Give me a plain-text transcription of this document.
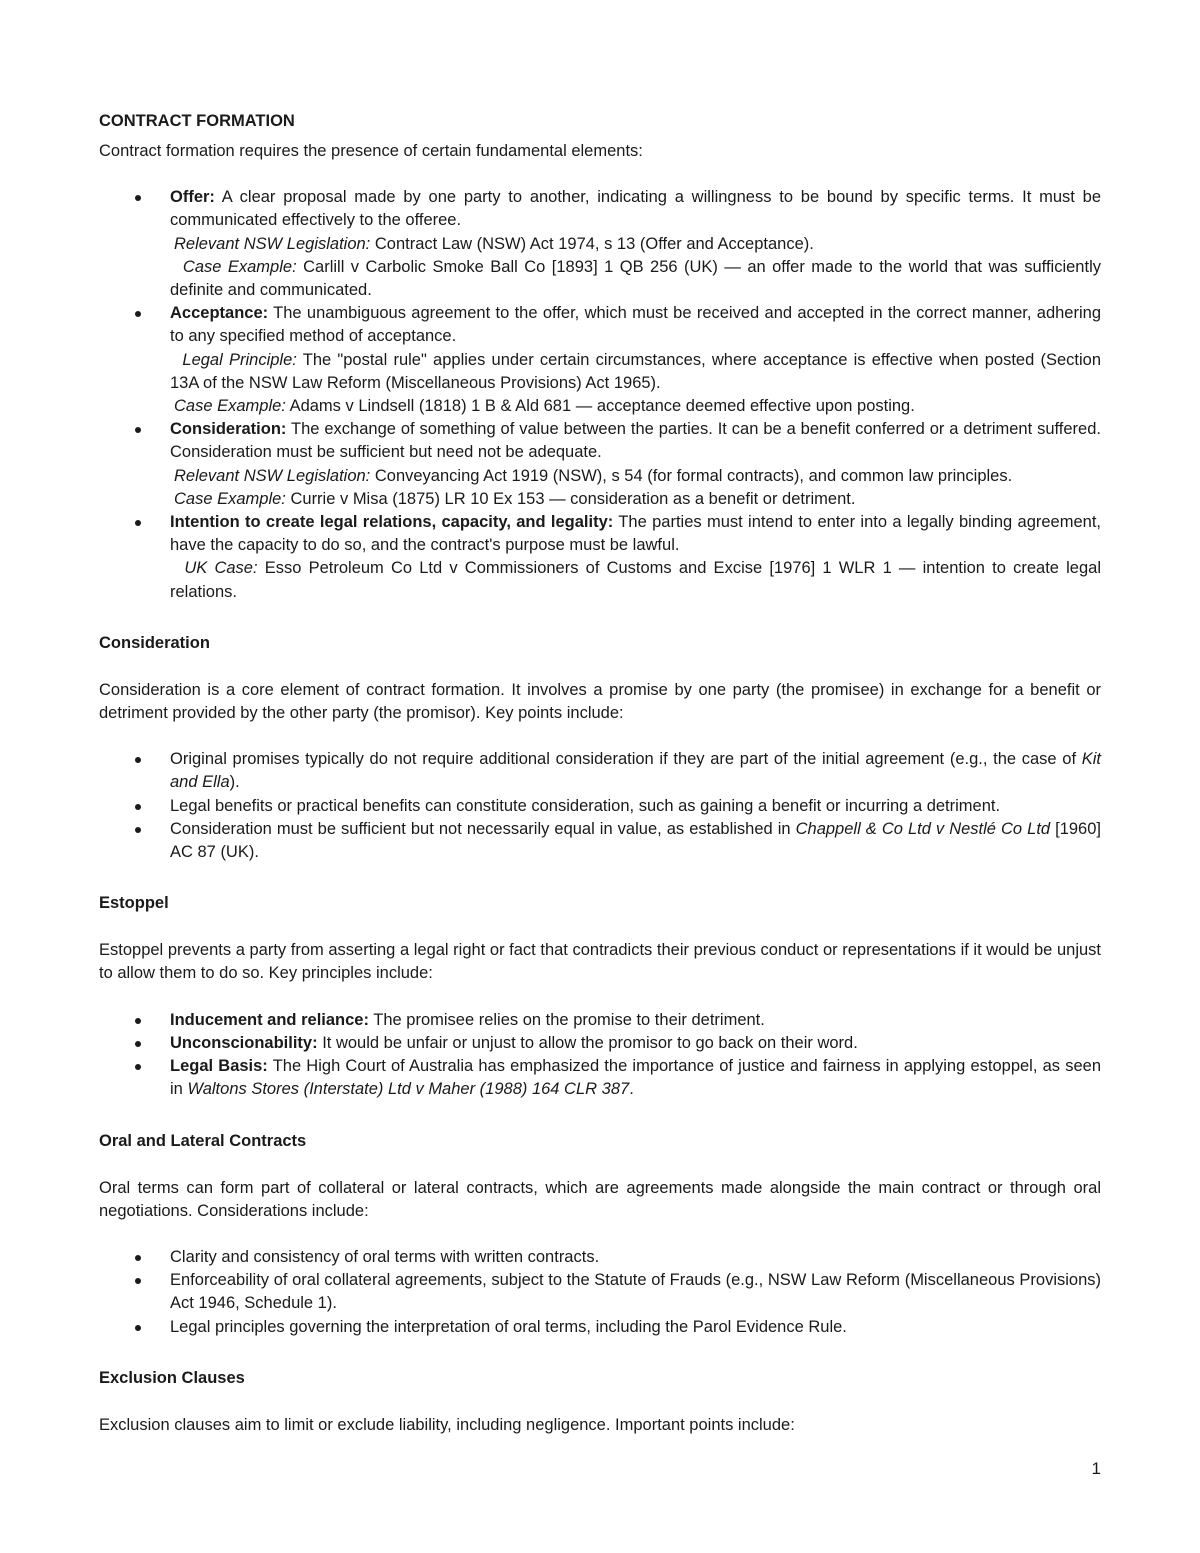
CONTRACT FORMATION

Contract formation requires the presence of certain fundamental elements:

Offer: A clear proposal made by one party to another, indicating a willingness to be bound by specific terms. It must be communicated effectively to the offeree.
Relevant NSW Legislation: Contract Law (NSW) Act 1974, s 13 (Offer and Acceptance).
Case Example: Carlill v Carbolic Smoke Ball Co [1893] 1 QB 256 (UK) — an offer made to the world that was sufficiently definite and communicated.
Acceptance: The unambiguous agreement to the offer, which must be received and accepted in the correct manner, adhering to any specified method of acceptance.
Legal Principle: The "postal rule" applies under certain circumstances, where acceptance is effective when posted (Section 13A of the NSW Law Reform (Miscellaneous Provisions) Act 1965).
Case Example: Adams v Lindsell (1818) 1 B & Ald 681 — acceptance deemed effective upon posting.
Consideration: The exchange of something of value between the parties. It can be a benefit conferred or a detriment suffered. Consideration must be sufficient but need not be adequate.
Relevant NSW Legislation: Conveyancing Act 1919 (NSW), s 54 (for formal contracts), and common law principles.
Case Example: Currie v Misa (1875) LR 10 Ex 153 — consideration as a benefit or detriment.
Intention to create legal relations, capacity, and legality: The parties must intend to enter into a legally binding agreement, have the capacity to do so, and the contract's purpose must be lawful.
UK Case: Esso Petroleum Co Ltd v Commissioners of Customs and Excise [1976] 1 WLR 1 — intention to create legal relations.
Consideration

Consideration is a core element of contract formation. It involves a promise by one party (the promisee) in exchange for a benefit or detriment provided by the other party (the promisor). Key points include:

Original promises typically do not require additional consideration if they are part of the initial agreement (e.g., the case of Kit and Ella).
Legal benefits or practical benefits can constitute consideration, such as gaining a benefit or incurring a detriment.
Consideration must be sufficient but not necessarily equal in value, as established in Chappell & Co Ltd v Nestlé Co Ltd [1960] AC 87 (UK).
Estoppel

Estoppel prevents a party from asserting a legal right or fact that contradicts their previous conduct or representations if it would be unjust to allow them to do so. Key principles include:

Inducement and reliance: The promisee relies on the promise to their detriment.
Unconscionability: It would be unfair or unjust to allow the promisor to go back on their word.
Legal Basis: The High Court of Australia has emphasized the importance of justice and fairness in applying estoppel, as seen in Waltons Stores (Interstate) Ltd v Maher (1988) 164 CLR 387.
Oral and Lateral Contracts

Oral terms can form part of collateral or lateral contracts, which are agreements made alongside the main contract or through oral negotiations. Considerations include:

Clarity and consistency of oral terms with written contracts.
Enforceability of oral collateral agreements, subject to the Statute of Frauds (e.g., NSW Law Reform (Miscellaneous Provisions) Act 1946, Schedule 1).
Legal principles governing the interpretation of oral terms, including the Parol Evidence Rule.
Exclusion Clauses

Exclusion clauses aim to limit or exclude liability, including negligence. Important points include:

1
